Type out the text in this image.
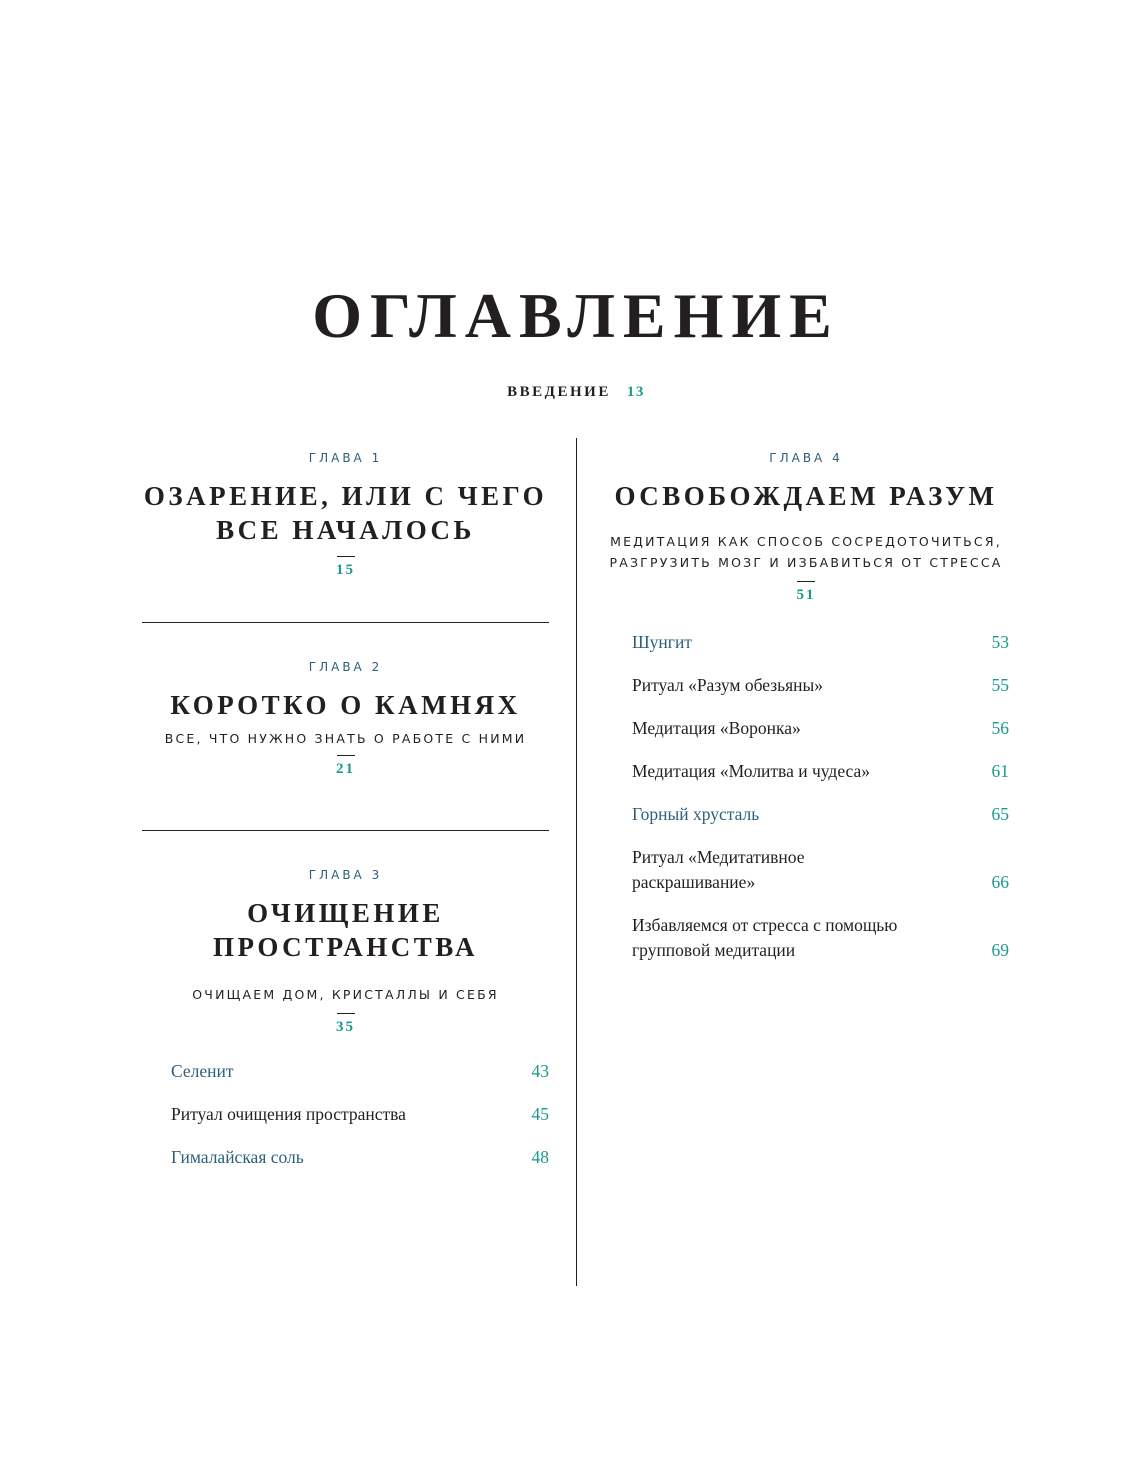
ОГЛАВЛЕНИЕ
ВВЕДЕНИЕ 13
ГЛАВА 1
ОЗАРЕНИЕ, ИЛИ С ЧЕГО
ВСЕ НАЧАЛОСЬ
15
ГЛАВА 2
КОРОТКО О КАМНЯХ
ВСЕ, ЧТО НУЖНО ЗНАТЬ О РАБОТЕ С НИМИ
21
ГЛАВА 3
ОЧИЩЕНИЕ
ПРОСТРАНСТВА
ОЧИЩАЕМ ДОМ, КРИСТАЛЛЫ И СЕБЯ
35
Селенит	43
Ритуал очищения пространства	45
Гималайская соль	48
ГЛАВА 4
ОСВОБОЖДАЕМ РАЗУМ
МЕДИТАЦИЯ КАК СПОСОБ СОСРЕДОТОЧИТЬСЯ,
РАЗГРУЗИТЬ МОЗГ И ИЗБАВИТЬСЯ ОТ СТРЕССА
51
Шунгит	53
Ритуал «Разум обезьяны»	55
Медитация «Воронка»	56
Медитация «Молитва и чудеса»	61
Горный хрусталь	65
Ритуал «Медитативное
раскрашивание»	66
Избавляемся от стресса с помощью
групповой медитации	69
